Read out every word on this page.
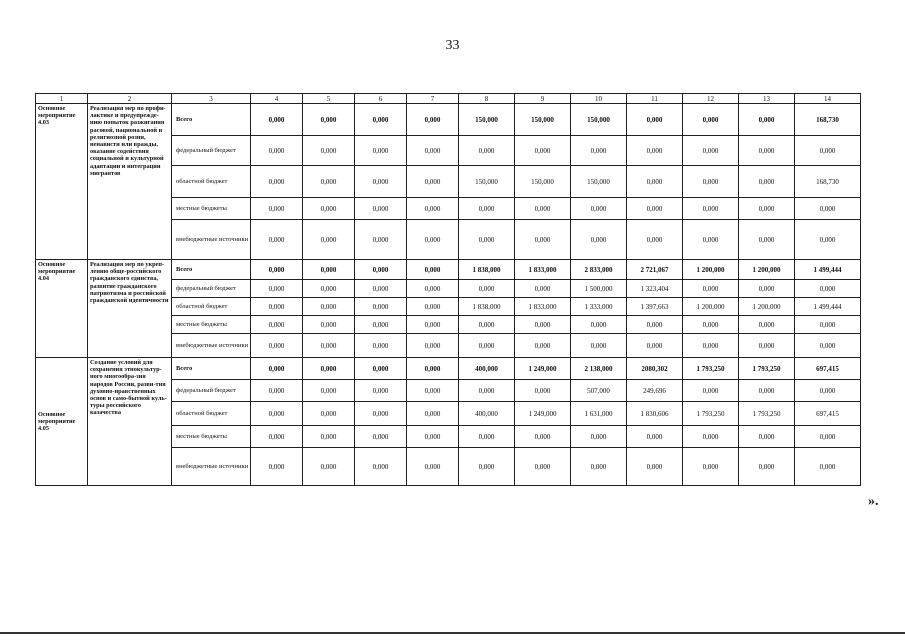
33
1	2	3	4	5	6	7	8	9	10	11	12	13	14
Основное мероприятие 4.03	Реализация мер по профи-лактике и предупрежде-нию попыток разжигания расовой, национальной и религиозной розни, ненависти или вражды, оказание содействия социальной и культурной адаптации и интеграции мигрантов	Всего	0,000	0,000	0,000	0,000	150,000	150,000	150,000	0,000	0,000	0,000	168,730
		федеральный бюджет	0,000	0,000	0,000	0,000	0,000	0,000	0,000	0,000	0,000	0,000	0,000
		областной бюджет	0,000	0,000	0,000	0,000	150,000	150,000	150,000	0,000	0,000	0,000	168,730
		местные бюджеты	0,000	0,000	0,000	0,000	0,000	0,000	0,000	0,000	0,000	0,000	0,000
		внебюджетные источники	0,000	0,000	0,000	0,000	0,000	0,000	0,000	0,000	0,000	0,000	0,000
Основное мероприятие 4.04	Реализация мер по укреп-лению обще-российского гражданского единства, развитие гражданского патриотизма и российской гражданской идентичности	Всего	0,000	0,000	0,000	0,000	1 838,000	1 833,000	2 833,000	2 721,067	1 200,000	1 200,000	1 499,444
		федеральный бюджет	0,000	0,000	0,000	0,000	0,000	0,000	1 500,000	1 323,404	0,000	0,000	0,000
		областной бюджет	0,000	0,000	0,000	0,000	1 838,000	1 833,000	1 333,000	1 397,663	1 200,000	1 200,000	1 499,444
		местные бюджеты	0,000	0,000	0,000	0,000	0,000	0,000	0,000	0,000	0,000	0,000	0,000
		внебюджетные источники	0,000	0,000	0,000	0,000	0,000	0,000	0,000	0,000	0,000	0,000	0,000
Основное мероприятие 4.05	Создание условий для сохранения этнокультур-ного многообра-зия народов России, разви-тия духовно-нравственных основ и само-бытной куль-туры российского казачества	Всего	0,000	0,000	0,000	0,000	400,000	1 249,000	2 138,000	2080,302	1 793,250	1 793,250	697,415
		федеральный бюджет	0,000	0,000	0,000	0,000	0,000	0,000	507,000	249,696	0,000	0,000	0,000
		областной бюджет	0,000	0,000	0,000	0,000	400,000	1 249,000	1 631,000	1 830,606	1 793,250	1 793,250	697,415
		местные бюджеты	0,000	0,000	0,000	0,000	0,000	0,000	0,000	0,000	0,000	0,000	0,000
		внебюджетные источники	0,000	0,000	0,000	0,000	0,000	0,000	0,000	0,000	0,000	0,000	0,000
».
